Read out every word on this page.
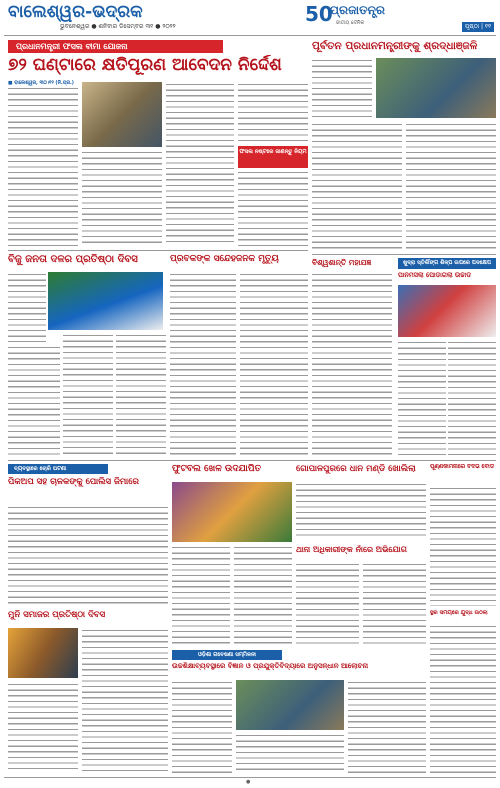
ବାଲେଶ୍ୱର-ଭଦ୍ରକ
ଭୁବନେଶ୍ୱର ● ଶନିବାର ଡିସେମ୍ବର ୩୧ ● ୨୦୨୨
50
ପ୍ରଜାତନ୍ତ୍ର
ଜାତୀୟ ଦୈନିକ	ପୃଷ୍ଠା | ୧୧
ପ୍ରଧାନମନ୍ତ୍ରୀ ଫସଲ ବୀମା ଯୋଜନା
୭୨ ଘଣ୍ଟାରେ କ୍ଷତିପୂରଣ ଆବେଦନ ନିର୍ଦ୍ଦେଶ
■ ବାଲେଶ୍ୱର, ୩୦।୧୨ (ନି.ପ୍ର.)
ଫସଲ ନଷ୍ଟରେ ଜାଣନ୍ତୁ ନିୟମ
ପୂର୍ବତନ ପ୍ରଧାନମନ୍ତ୍ରୀଙ୍କୁ ଶ୍ରଦ୍ଧାଞ୍ଜଳି
ବିଶ୍ୱଶାନ୍ତି ମହାଯଜ୍ଞ	ଖୁଦ୍ରା ସ୍ତିର୍ଲିଙ୍ଗ ଶିଳ୍ପ ଉପରେ ପଦକ୍ଷେପ
ପାନମସଲା ପୋଡାଗଲା ଉଚ୍ଚାଡ
ବିଜୁ ଜନତା ଦଳର ପ୍ରତିଷ୍ଠା ଦିବସ	ପ୍ରବକଙ୍କ ସନ୍ଦେହଜନକ ମୃତ୍ୟୁ
ବ୍ୟବସ୍ଥାରେ ଚୋରି ଘଟଣା
ପିକଅପ ସହ ଚାଳକଙ୍କୁ ପୋଲିସ ଜିମାରେ
ଫୁଟବଲ ଖେଳ ଉଦଯାପିତ	ଗୋପାଳପୁରରେ ଧାନ ମଣ୍ଡି ଖୋଲିଲା	ପୂର୍ଣ୍ଣକାମନାରେ ବିଦର୍ଭ ବୋର୍ଡ
ଥାନା ଅଧିକାରୀଙ୍କ ନାଁରେ ଅଭିଯୋଗ
ମୁନି ସମାଜର ପ୍ରତିଷ୍ଠା ଦିବସ
ଓଡ଼ିଶା ଗବେଷଣା ସମ୍ମିଳନୀ
ଉଚ୍ଚଶିକ୍ଷାବ୍ୟବସ୍ଥାରେ ବିଜ୍ଞାନ ଓ ପ୍ରଯୁକ୍ତିବିଦ୍ୟାରେ ଅନୁସନ୍ଧାନ ଆଲୋଚନା
ସ୍ଥିର ସମୟରେ ଯୁଦ୍ଧ ଉଠିଲା
●
